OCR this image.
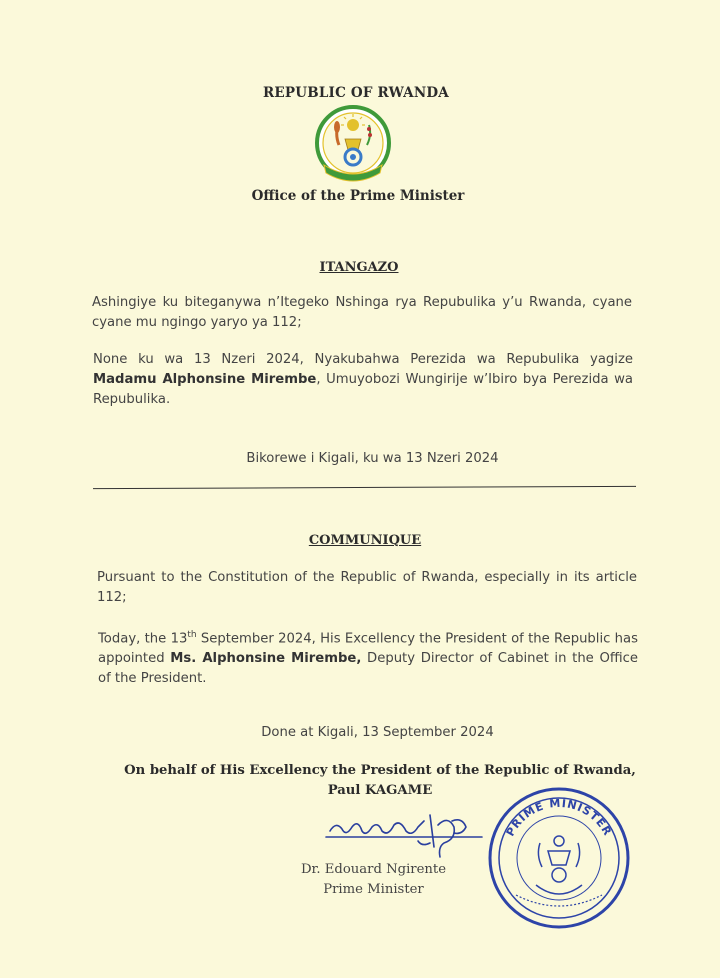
REPUBLIC OF RWANDA
Office of the Prime Minister
ITANGAZO
Ashingiye ku biteganywa n’Itegeko Nshinga rya Repubulika y’u Rwanda, cyane cyane mu ngingo yaryo ya 112;
None ku wa 13 Nzeri 2024, Nyakubahwa Perezida wa Repubulika yagize Madamu Alphonsine Mirembe, Umuyobozi Wungirije w’Ibiro bya Perezida wa Repubulika.
Bikorewe i Kigali, ku wa 13 Nzeri 2024
COMMUNIQUE
Pursuant to the Constitution of the Republic of Rwanda, especially in its article 112;
Today, the 13th September 2024, His Excellency the President of the Republic has appointed Ms. Alphonsine Mirembe, Deputy Director of Cabinet in the Office of the President.
Done at Kigali, 13 September 2024
On behalf of His Excellency the President of the Republic of Rwanda,
Paul KAGAME
Dr. Edouard Ngirente
Prime Minister
PRIME MINISTER
